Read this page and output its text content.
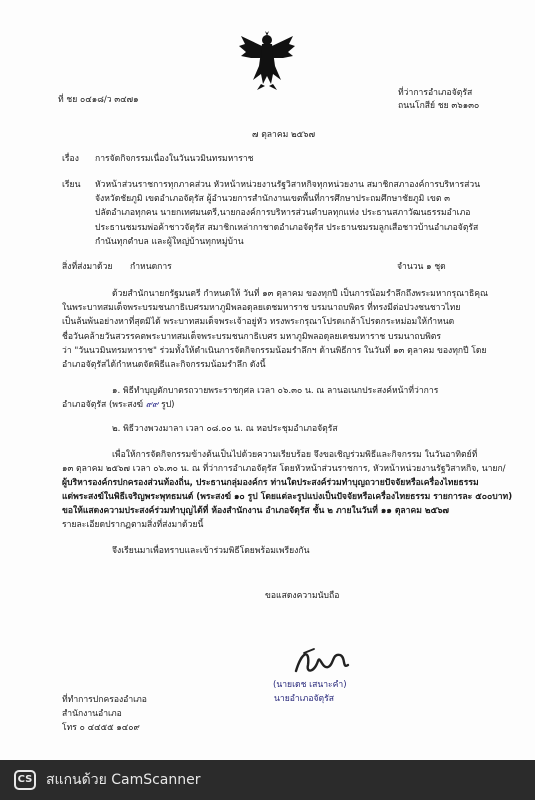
ที่ ชย ๐๔๑๘/ว ๓๔๗๑
ที่ว่าการอำเภอจัตุรัส
ถนนโกสีย์ ชย ๓๖๑๓๐
๗ ตุลาคม ๒๕๖๗
เรื่อง การจัดกิจกรรมเนื่องในวันนวมินทรมหาราช
เรียน หัวหน้าส่วนราชการทุกภาคส่วน หัวหน้าหน่วยงานรัฐวิสาหกิจทุกหน่วยงาน สมาชิกสภาองค์การบริหารส่วน
จังหวัดชัยภูมิ เขตอำเภอจัตุรัส ผู้อำนวยการสำนักงานเขตพื้นที่การศึกษาประถมศึกษาชัยภูมิ เขต ๓
ปลัดอำเภอทุกคน นายกเทศมนตรี,นายกองค์การบริหารส่วนตำบลทุกแห่ง ประธานสภาวัฒนธรรมอำเภอ
ประธานชมรมพ่อค้าชาวจัตุรัส สมาชิกเหล่ากาชาดอำเภอจัตุรัส ประธานชมรมลูกเสือชาวบ้านอำเภอจัตุรัส
กำนันทุกตำบล และผู้ใหญ่บ้านทุกหมู่บ้าน
สิ่งที่ส่งมาด้วย กำหนดการ	จำนวน ๑ ชุด
ด้วยสำนักนายกรัฐมนตรี กำหนดให้ วันที่ ๑๓ ตุลาคม ของทุกปี เป็นการน้อมรำลึกถึงพระมหากรุณาธิคุณ
ในพระบาทสมเด็จพระบรมชนกาธิเบศรมหาภูมิพลอดุลยเดชมหาราช บรมนาถบพิตร ที่ทรงมีต่อปวงชนชาวไทย
เป็นล้นพ้นอย่างหาที่สุดมิได้ พระบาทสมเด็จพระเจ้าอยู่หัว ทรงพระกรุณาโปรดเกล้าโปรดกระหม่อมให้กำหนด
ชื่อวันคล้ายวันสวรรคตพระบาทสมเด็จพระบรมชนกาธิเบศร มหาภูมิพลอดุลยเดชมหาราช บรมนาถบพิตร
ว่า "วันนวมินทรมหาราช" ร่วมทั้งให้ดำเนินการจัดกิจกรรมน้อมรำลึกฯ ด้านพิธีการ ในวันที่ ๑๓ ตุลาคม ของทุกปี โดย
อำเภอจัตุรัสได้กำหนดจัดพิธีและกิจกรรมน้อมรำลึก ดังนี้
๑. พิธีทำบุญตักบาตรถวายพระราชกุศล เวลา ๐๖.๓๐ น. ณ ลานอเนกประสงค์หน้าที่ว่าการ
อำเภอจัตุรัส (พระสงฆ์ ๙๙ รูป)
๒. พิธีวางพวงมาลา เวลา ๐๘.๐๐ น. ณ หอประชุมอำเภอจัตุรัส
เพื่อให้การจัดกิจกรรมข้างต้นเป็นไปด้วยความเรียบร้อย จึงขอเชิญร่วมพิธีและกิจกรรม ในวันอาทิตย์ที่
๑๓ ตุลาคม ๒๕๖๗ เวลา ๐๖.๓๐ น. ณ ที่ว่าการอำเภอจัตุรัส โดยหัวหน้าส่วนราชการ, หัวหน้าหน่วยงานรัฐวิสาหกิจ, นายก/
ผู้บริหารองค์กรปกครองส่วนท้องถิ่น, ประธานกลุ่มองค์กร ท่านใดประสงค์ร่วมทำบุญถวายปัจจัยหรือเครื่องไทยธรรม
แด่พระสงฆ์ในพิธีเจริญพระพุทธมนต์ (พระสงฆ์ ๑๐ รูป โดยแต่ละรูปแบ่งเป็นปัจจัยหรือเครื่องไทยธรรม รายการละ ๕๐๐บาท)
ขอให้แสดงความประสงค์ร่วมทำบุญได้ที่ ห้องสำนักงาน อำเภอจัตุรัส ชั้น ๒ ภายในวันที่ ๑๑ ตุลาคม ๒๕๖๗
รายละเอียดปรากฏตามสิ่งที่ส่งมาด้วยนี้
จึงเรียนมาเพื่อทราบและเข้าร่วมพิธีโดยพร้อมเพรียงกัน
ขอแสดงความนับถือ
(นายเดช เสนาะคำ)
นายอำเภอจัตุรัส
ที่ทำการปกครองอำเภอ
สำนักงานอำเภอ
โทร ๐ ๔๔๕๕ ๑๔๐๙
CS สแกนด้วย CamScanner
